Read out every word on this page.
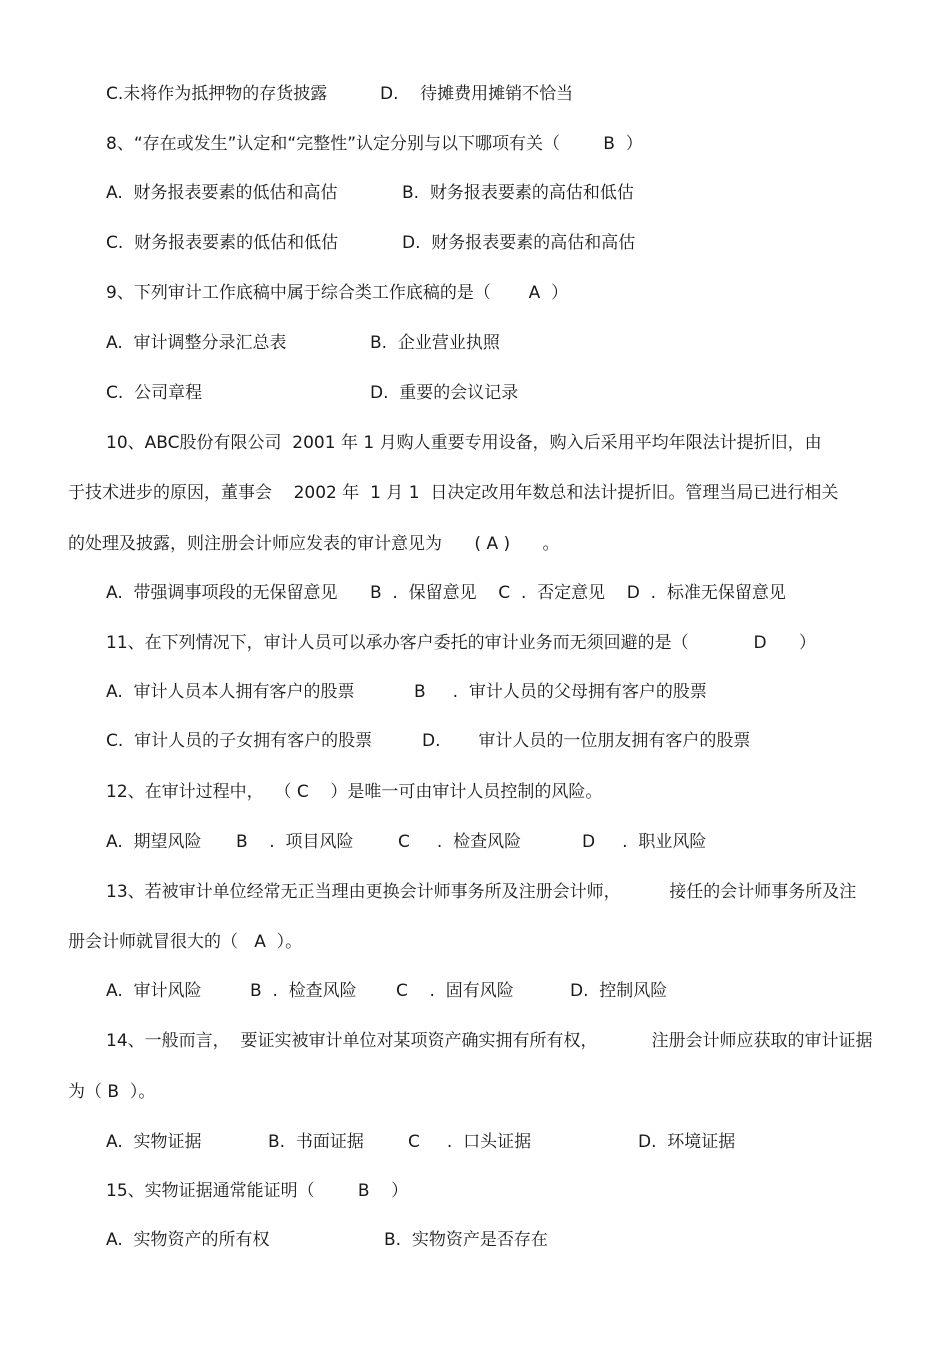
C.未将作为抵押物的存货披露

	D.    待摊费用摊销不恰当

8、“存在或发生”认定和“完整性”认定分别与以下哪项有关（        B  ）

A.  财务报表要素的低估和高估

	B.  财务报表要素的高估和低估

C.  财务报表要素的低估和低估

	D.  财务报表要素的高估和高估

9、下列审计工作底稿中属于综合类工作底稿的是（       A  ）

A.  审计调整分录汇总表

	B.  企业营业执照

C.  公司章程

	D.  重要的会议记录

10、ABC股份有限公司  2001 年 1 月购人重要专用设备，购入后采用平均年限法计提折旧，由
于技术进步的原因，董事会    2002 年  1 月 1  日决定改用年数总和法计提折旧。管理当局已进行相关
的处理及披露，则注册会计师应发表的审计意见为      ( A )      。
A.  带强调事项段的无保留意见      B  .  保留意见    C  .  否定意见    D  .  标准无保留意见
11、在下列情况下，审计人员可以承办客户委托的审计业务而无须回避的是（            D      ）

A.  审计人员本人拥有客户的股票

	B     .  审计人员的父母拥有客户的股票

C.  审计人员的子女拥有客户的股票

	D.       审计人员的一位朋友拥有客户的股票

12、在审计过程中，  （ C    ）是唯一可由审计人员控制的风险。

A.  期望风险

B    .  项目风险

	C     .  检查风险

	D     .  职业风险

13、若被审计单位经常无正当理由更换会计师事务所及注册会计师，         接任的会计师事务所及注
册会计师就冒很大的（   A  ）。

A.  审计风险

	B  .  检查风险

C    .  固有风险

	D.  控制风险

14、一般而言，  要证实被审计单位对某项资产确实拥有所有权，          注册会计师应获取的审计证据
为（ B  ）。

A.  实物证据

	B.  书面证据

	C     .  口头证据

	D.  环境证据

15、实物证据通常能证明（        B    ）

A.  实物资产的所有权

	B.  实物资产是否存在
